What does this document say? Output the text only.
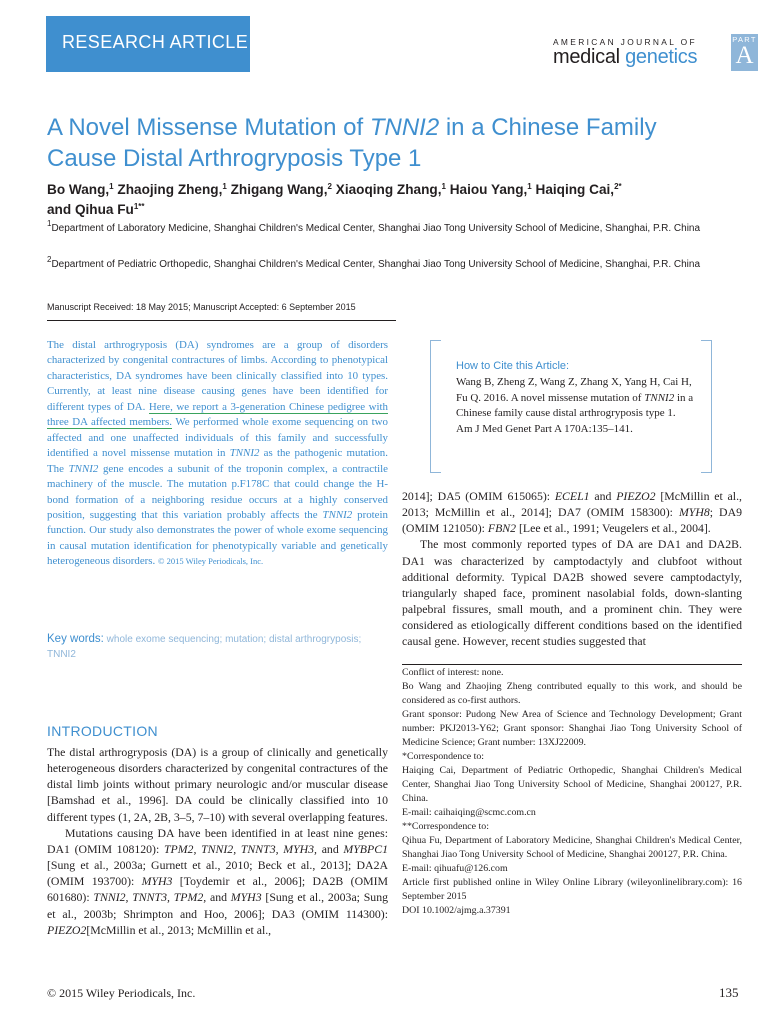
RESEARCH ARTICLE	AMERICAN JOURNAL OF
medical genetics
PART
A
A Novel Missense Mutation of TNNI2 in a Chinese Family Cause Distal Arthrogryposis Type 1
Bo Wang,$^1$ Zhaojing Zheng,$^1$ Zhigang Wang,$^2$ Xiaoqing Zhang,$^1$ Haiou Yang,$^1$ Haiqing Cai,$^{2*}$
and Qihua $Fu^{1**}$
$^1$Department of Laboratory Medicine, Shanghai Children's Medical Center, Shanghai Jiao Tong University School of Medicine, Shanghai, P.R. China
$^2$Department of Pediatric Orthopedic, Shanghai Children's Medical Center, Shanghai Jiao Tong University School of Medicine, Shanghai, P.R. China
Manuscript Received: 18 May 2015; Manuscript Accepted: 6 September 2015
The distal arthrogryposis (DA) syndromes are a group of disorders characterized by congenital contractures of limbs. According to phenotypical characteristics, DA syndromes have been clinically classified into 10 types. Currently, at least nine disease causing genes have been identified for different types of DA. Here, we report a 3-generation Chinese pedigree with three DA affected members. We performed whole exome sequencing on two affected and one unaffected individuals of this family and successfully identified a novel missense mutation in TNNI2 as the pathogenic mutation. The TNNI2 gene encodes a subunit of the troponin complex, a contractile machinery of the muscle. The mutation p.F178C that could change the H-bond formation of a neighboring residue occurs at a highly conserved position, suggesting that this variation probably affects the TNNI2 protein function. Our study also demonstrates the power of whole exome sequencing in causal mutation identification for phenotypically variable and genetically heterogeneous disorders. © 2015 Wiley Periodicals, Inc.
Key words: whole exome sequencing; mutation; distal arthrogryposis; TNNI2
INTRODUCTION

The distal arthrogryposis (DA) is a group of clinically and genetically heterogeneous disorders characterized by congenital contractures of the distal limb joints without primary neurologic and/or muscular disease [Bamshad et al., 1996]. DA could be clinically classified into 10 different types (1, 2A, 2B, 3–5, 7–10) with several overlapping features.

Mutations causing DA have been identified in at least nine genes: DA1 (OMIM 108120): TPM2, TNNI2, TNNT3, MYH3, and MYBPC1 [Sung et al., 2003a; Gurnett et al., 2010; Beck et al., 2013]; DA2A (OMIM 193700): MYH3 [Toydemir et al., 2006]; DA2B (OMIM 601680): TNNI2, TNNT3, TPM2, and MYH3 [Sung et al., 2003a; Sung et al., 2003b; Shrimpton and Hoo, 2006]; DA3 (OMIM 114300): PIEZO2[McMillin et al., 2013; McMillin et al.,

How to Cite this Article:
Wang B, Zheng Z, Wang Z, Zhang X, Yang H, Cai H, Fu Q. 2016. A novel missense mutation of TNNI2 in a Chinese family cause distal arthrogryposis type 1.
Am J Med Genet Part A 170A:135–141.

2014]; DA5 (OMIM 615065): ECEL1 and PIEZO2 [McMillin et al., 2013; McMillin et al., 2014]; DA7 (OMIM 158300): MYH8; DA9 (OMIM 121050): FBN2 [Lee et al., 1991; Veugelers et al., 2004].

The most commonly reported types of DA are DA1 and DA2B. DA1 was characterized by camptodactyly and clubfoot without additional deformity. Typical DA2B showed severe camptodactyly, triangularly shaped face, prominent nasolabial folds, down-slanting palpebral fissures, small mouth, and a prominent chin. They were considered as etiologically different conditions based on the identified causal gene. However, recent studies suggested that

Conflict of interest: none.
Bo Wang and Zhaojing Zheng contributed equally to this work, and should be considered as co-first authors.
Grant sponsor: Pudong New Area of Science and Technology Development; Grant number: PKJ2013-Y62; Grant sponsor: Shanghai Jiao Tong University School of Medicine Science; Grant number: 13XJ22009.
*Correspondence to:
Haiqing Cai, Department of Pediatric Orthopedic, Shanghai Children's Medical Center, Shanghai Jiao Tong University School of Medicine, Shanghai 200127, P.R. China.
E-mail: caihaiqing@scmc.com.cn
**Correspondence to:
Qihua Fu, Department of Laboratory Medicine, Shanghai Children's Medical Center, Shanghai Jiao Tong University School of Medicine, Shanghai 200127, P.R. China.
E-mail: qihuafu@126.com
Article first published online in Wiley Online Library (wileyonlinelibrary.com): 16 September 2015
DOI 10.1002/ajmg.a.37391
© 2015 Wiley Periodicals, Inc.	135
